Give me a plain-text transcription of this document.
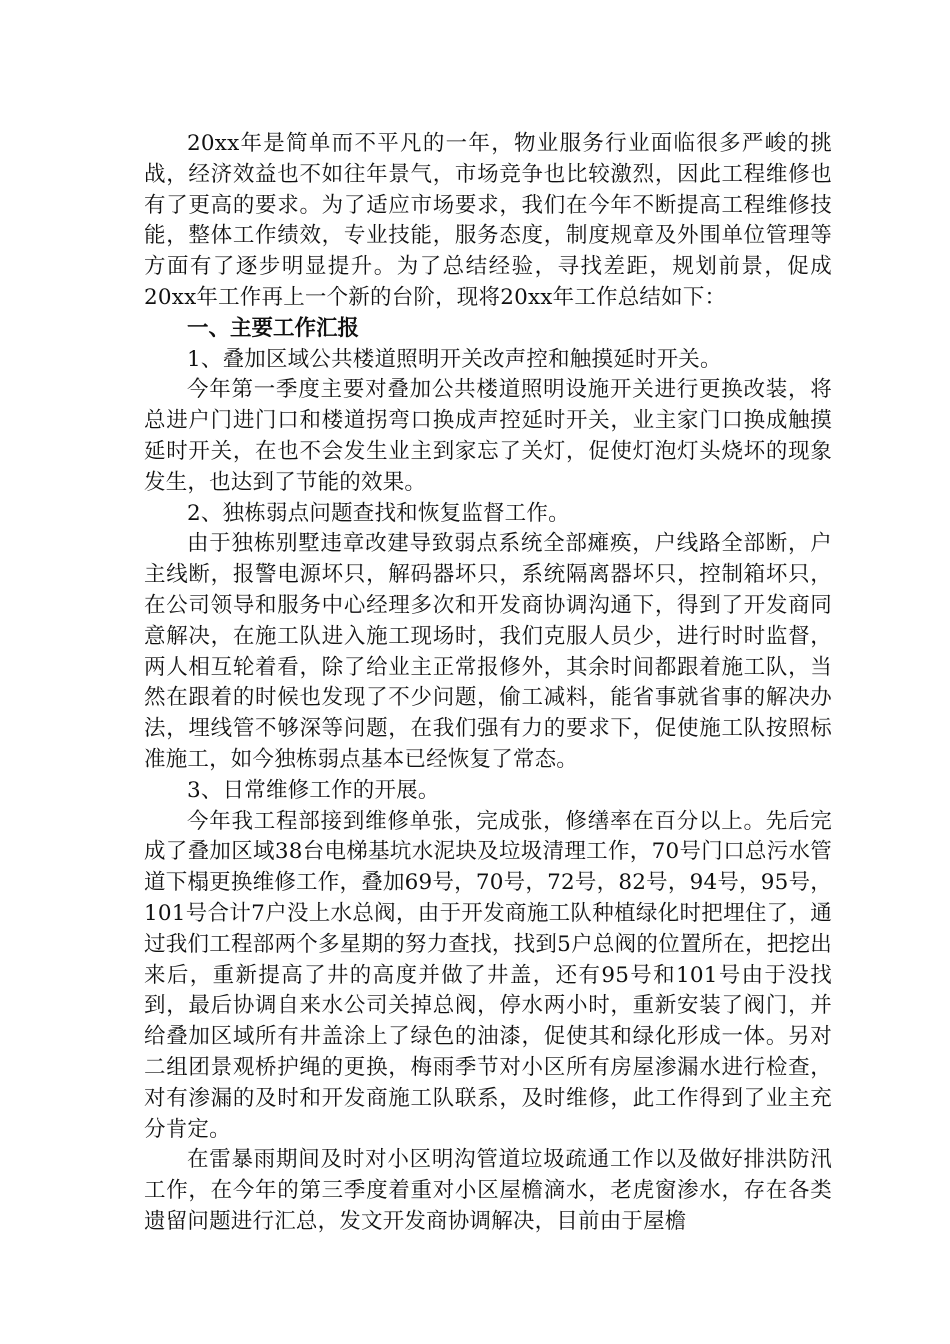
20xx年是简单而不平凡的一年，物业服务行业面临很多严峻的挑战，经济效益也不如往年景气，市场竞争也比较激烈，因此工程维修也有了更高的要求。为了适应市场要求，我们在今年不断提高工程维修技能，整体工作绩效，专业技能，服务态度，制度规章及外围单位管理等方面有了逐步明显提升。为了总结经验，寻找差距，规划前景，促成20xx年工作再上一个新的台阶，现将20xx年工作总结如下：

一、主要工作汇报

1、叠加区域公共楼道照明开关改声控和触摸延时开关。

今年第一季度主要对叠加公共楼道照明设施开关进行更换改装，将总进户门进门口和楼道拐弯口换成声控延时开关，业主家门口换成触摸延时开关，在也不会发生业主到家忘了关灯，促使灯泡灯头烧坏的现象发生，也达到了节能的效果。

2、独栋弱点问题查找和恢复监督工作。

由于独栋别墅违章改建导致弱点系统全部瘫痪，户线路全部断，户主线断，报警电源坏只，解码器坏只，系统隔离器坏只，控制箱坏只，在公司领导和服务中心经理多次和开发商协调沟通下，得到了开发商同意解决，在施工队进入施工现场时，我们克服人员少，进行时时监督，两人相互轮着看，除了给业主正常报修外，其余时间都跟着施工队，当然在跟着的时候也发现了不少问题，偷工减料，能省事就省事的解决办法，埋线管不够深等问题，在我们强有力的要求下，促使施工队按照标准施工，如今独栋弱点基本已经恢复了常态。

3、日常维修工作的开展。

今年我工程部接到维修单张，完成张，修缮率在百分以上。先后完成了叠加区域38台电梯基坑水泥块及垃圾清理工作，70号门口总污水管道下榻更换维修工作，叠加69号，70号，72号，82号，94号，95号，101号合计7户没上水总阀，由于开发商施工队种植绿化时把埋住了，通过我们工程部两个多星期的努力查找，找到5户总阀的位置所在，把挖出来后，重新提高了井的高度并做了井盖，还有95号和101号由于没找到，最后协调自来水公司关掉总阀，停水两小时，重新安装了阀门，并给叠加区域所有井盖涂上了绿色的油漆，促使其和绿化形成一体。另对二组团景观桥护绳的更换，梅雨季节对小区所有房屋渗漏水进行检查，对有渗漏的及时和开发商施工队联系，及时维修，此工作得到了业主充分肯定。

在雷暴雨期间及时对小区明沟管道垃圾疏通工作以及做好排洪防汛工作，在今年的第三季度着重对小区屋檐滴水，老虎窗渗水，存在各类遗留问题进行汇总，发文开发商协调解决，目前由于屋檐
